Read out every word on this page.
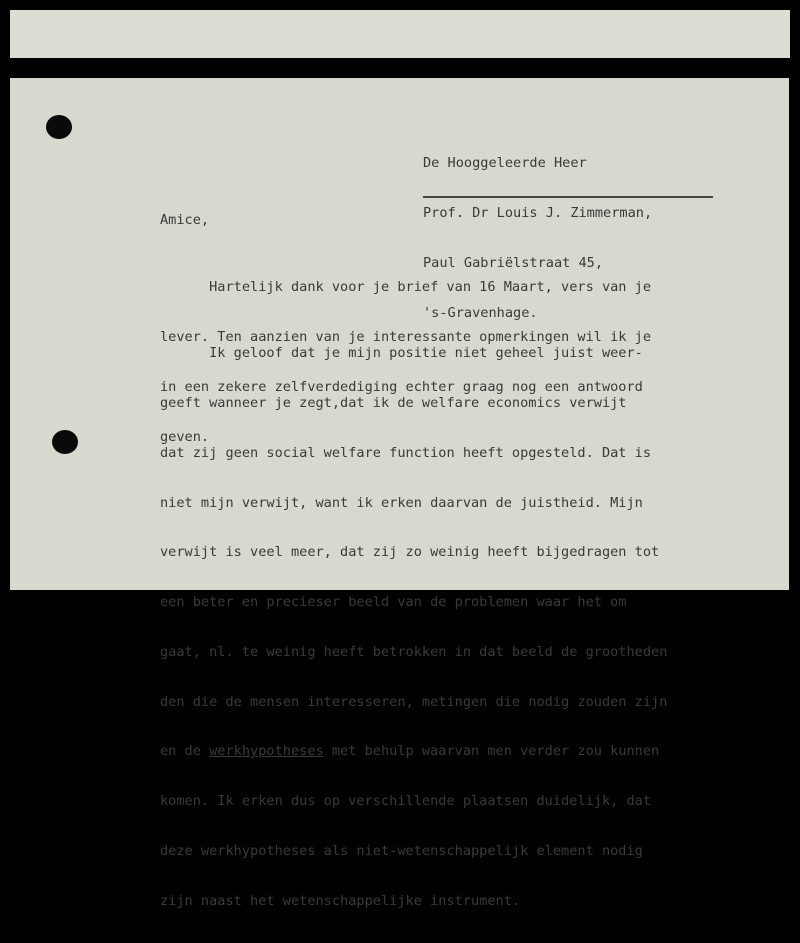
De Hooggeleerde Heer

Prof. Dr Louis J. Zimmerman,

Paul Gabriëlstraat 45,

's-Gravenhage.

Amice,

Hartelijk dank voor je brief van 16 Maart, vers van je

lever. Ten aanzien van je interessante opmerkingen wil ik je

in een zekere zelfverdediging echter graag nog een antwoord

geven.

Ik geloof dat je mijn positie niet geheel juist weer-

geeft wanneer je zegt,dat ik de welfare economics verwijt

dat zij geen social welfare function heeft opgesteld. Dat is

niet mijn verwijt, want ik erken daarvan de juistheid. Mijn

verwijt is veel meer, dat zij zo weinig heeft bijgedragen tot

een beter en precieser beeld van de problemen waar het om

gaat, nl. te weinig heeft betrokken in dat beeld de grootheden

den die de mensen interesseren, metingen die nodig zouden zijn

en de werkhypotheses met behulp waarvan men verder zou kunnen

komen. Ik erken dus op verschillende plaatsen duidelijk, dat

deze werkhypotheses als niet-wetenschappelijk element nodig

zijn naast het wetenschappelijke instrument.
